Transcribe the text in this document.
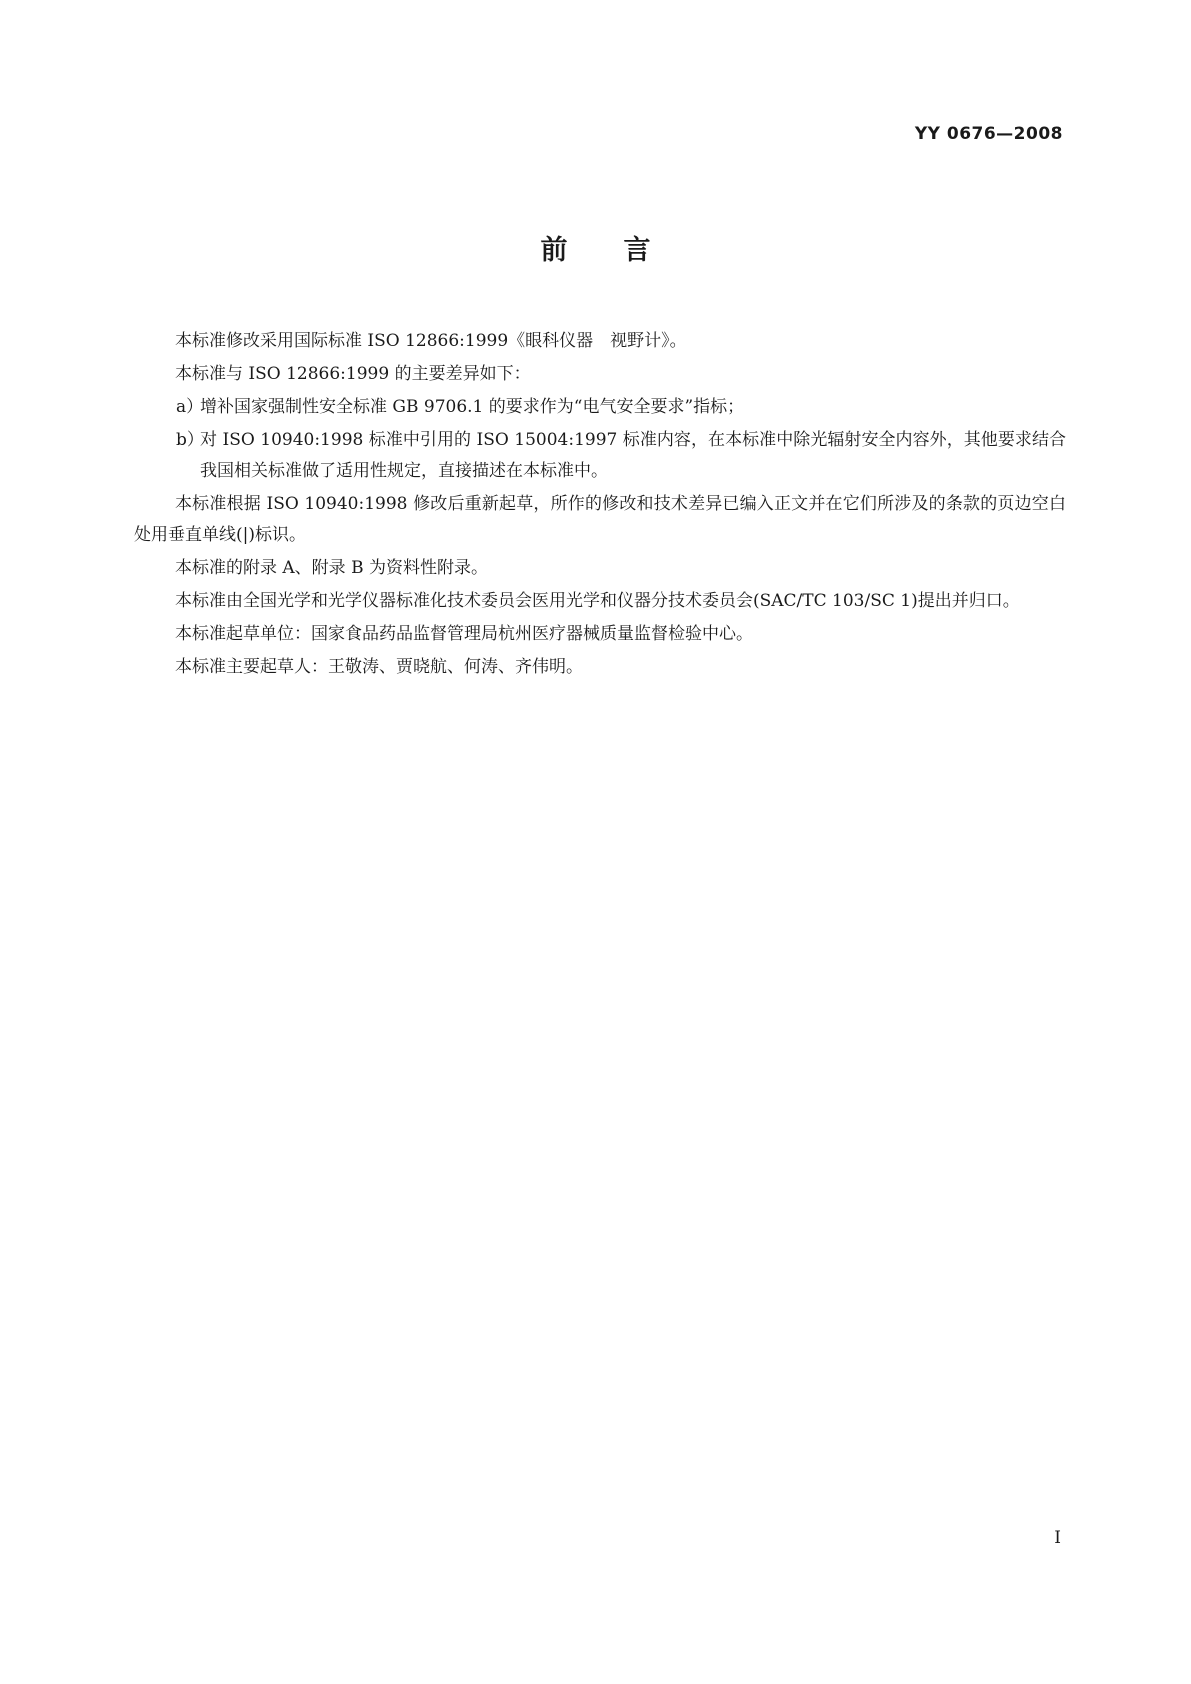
YY 0676—2008
前言

本标准修改采用国际标准 ISO 12866:1999《眼科仪器　视野计》。

本标准与 ISO 12866:1999 的主要差异如下：

a）
增补国家强制性安全标准 GB 9706.1 的要求作为“电气安全要求”指标；
b）
对 ISO 10940:1998 标准中引用的 ISO 15004:1997 标准内容，在本标准中除光辐射安全内容外，其他要求结合我国相关标准做了适用性规定，直接描述在本标准中。

本标准根据 ISO 10940:1998 修改后重新起草，所作的修改和技术差异已编入正文并在它们所涉及的条款的页边空白处用垂直单线(|)标识。

本标准的附录 A、附录 B 为资料性附录。

本标准由全国光学和光学仪器标准化技术委员会医用光学和仪器分技术委员会(SAC/TC 103/SC 1)提出并归口。

本标准起草单位：国家食品药品监督管理局杭州医疗器械质量监督检验中心。

本标准主要起草人：王敬涛、贾晓航、何涛、齐伟明。

I
